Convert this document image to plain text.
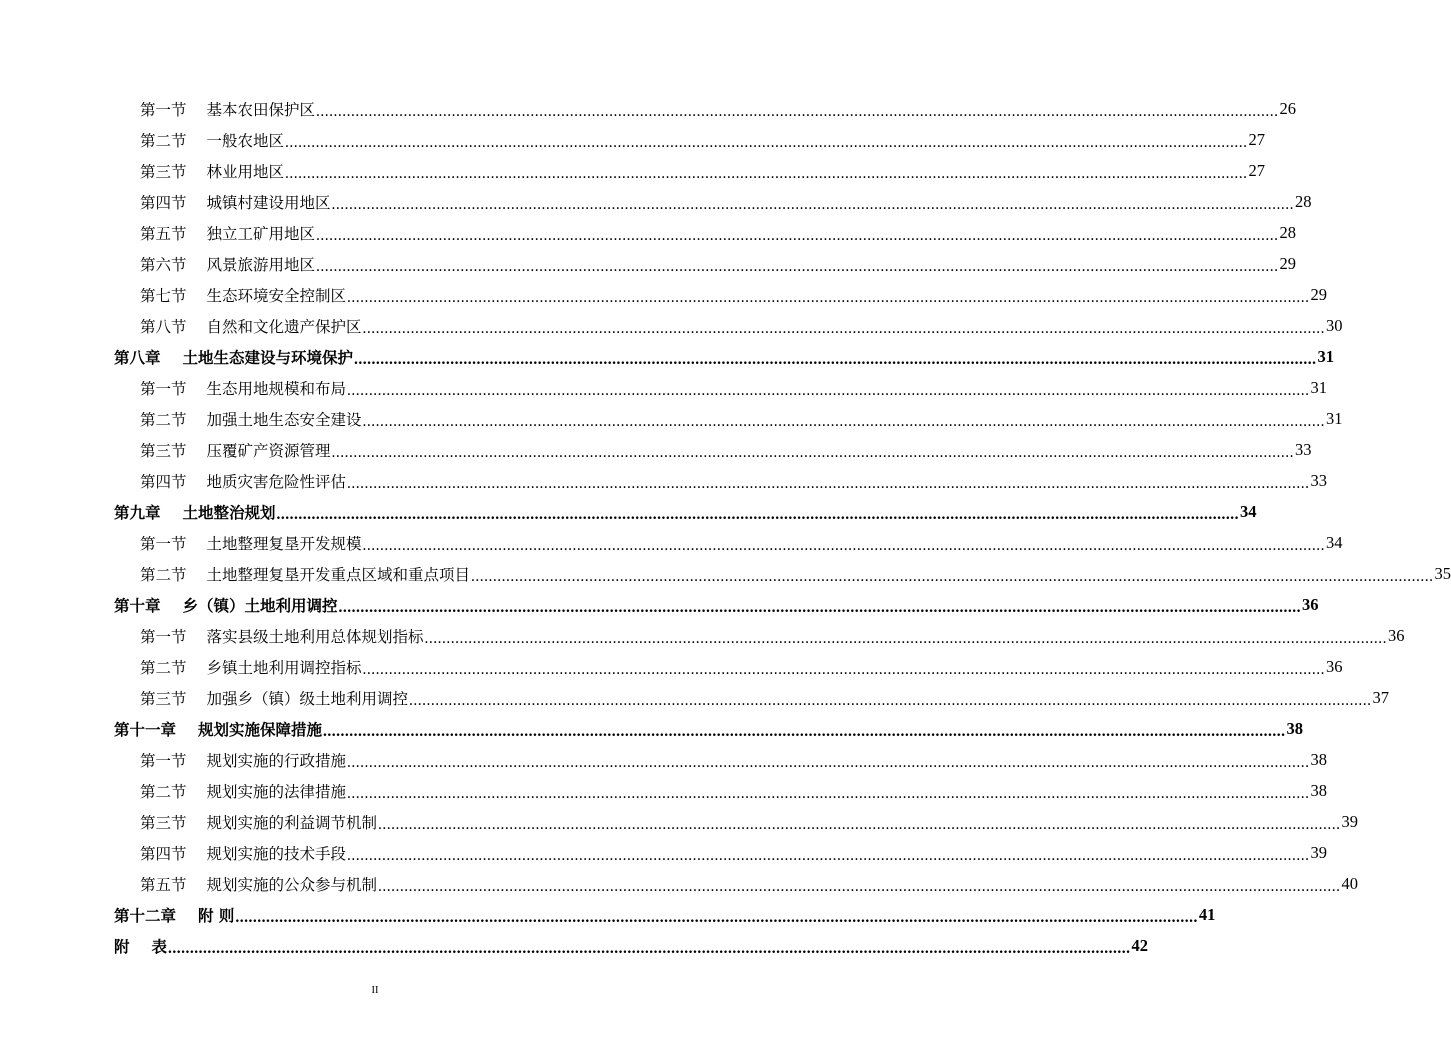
第一节 基本农田保护区 ............................................................................................................................................................................................................................ 26
第二节 一般农地区 ............................................................................................................................................................................................................................ 27
第三节 林业用地区 ............................................................................................................................................................................................................................ 27
第四节 城镇村建设用地区 ............................................................................................................................................................................................................................ 28
第五节 独立工矿用地区 ............................................................................................................................................................................................................................ 28
第六节 风景旅游用地区 ............................................................................................................................................................................................................................ 29
第七节 生态环境安全控制区 ............................................................................................................................................................................................................................ 29
第八节 自然和文化遗产保护区 ............................................................................................................................................................................................................................ 30
第八章 土地生态建设与环境保护 ............................................................................................................................................................................................................................ 31
第一节 生态用地规模和布局 ............................................................................................................................................................................................................................ 31
第二节 加强土地生态安全建设 ............................................................................................................................................................................................................................ 31
第三节 压覆矿产资源管理 ............................................................................................................................................................................................................................ 33
第四节 地质灾害危险性评估 ............................................................................................................................................................................................................................ 33
第九章 土地整治规划 ............................................................................................................................................................................................................................ 34
第一节 土地整理复垦开发规模 ............................................................................................................................................................................................................................ 34
第二节 土地整理复垦开发重点区域和重点项目 ............................................................................................................................................................................................................................ 35
第十章 乡（镇）土地利用调控 ............................................................................................................................................................................................................................ 36
第一节 落实县级土地利用总体规划指标 ............................................................................................................................................................................................................................ 36
第二节 乡镇土地利用调控指标 ............................................................................................................................................................................................................................ 36
第三节 加强乡（镇）级土地利用调控 ............................................................................................................................................................................................................................ 37
第十一章 规划实施保障措施 ............................................................................................................................................................................................................................ 38
第一节 规划实施的行政措施 ............................................................................................................................................................................................................................ 38
第二节 规划实施的法律措施 ............................................................................................................................................................................................................................ 38
第三节 规划实施的利益调节机制 ............................................................................................................................................................................................................................ 39
第四节 规划实施的技术手段 ............................................................................................................................................................................................................................ 39
第五节 规划实施的公众参与机制 ............................................................................................................................................................................................................................ 40
第十二章 附 则 ............................................................................................................................................................................................................................ 41
附 表 ............................................................................................................................................................................................................................ 42
II
